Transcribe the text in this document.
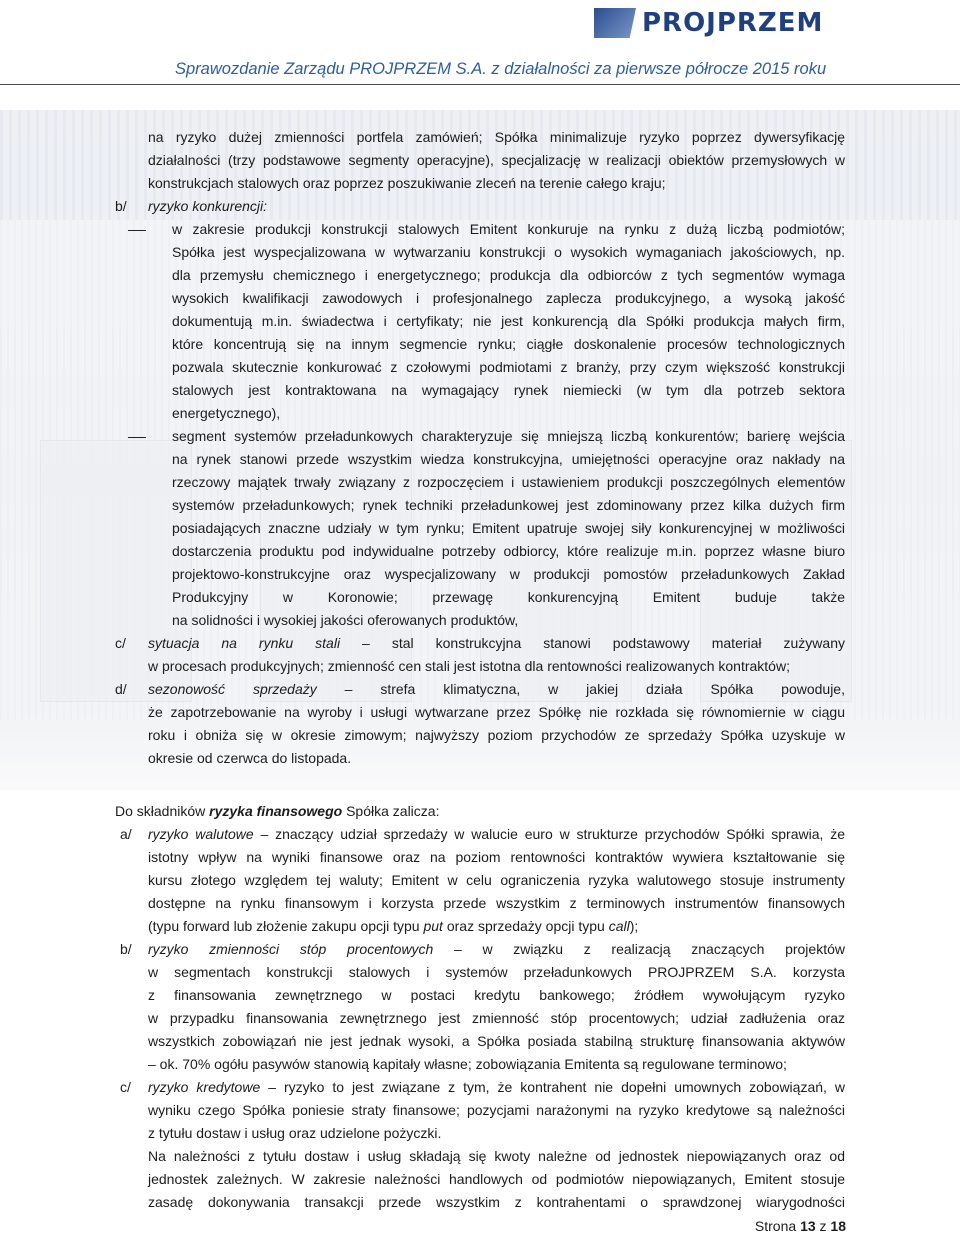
PROJPRZEM
Sprawozdanie Zarządu PROJPRZEM S.A. z działalności za pierwsze półrocze 2015 roku
na ryzyko dużej zmienności portfela zamówień; Spółka minimalizuje ryzyko poprzez dywersyfikację
działalności (trzy podstawowe segmenty operacyjne), specjalizację w realizacji obiektów przemysłowych w
konstrukcjach stalowych oraz poprzez poszukiwanie zleceń na terenie całego kraju;
b/ ryzyko konkurencji:
w zakresie produkcji konstrukcji stalowych Emitent konkuruje na rynku z dużą liczbą podmiotów;
Spółka jest wyspecjalizowana w wytwarzaniu konstrukcji o wysokich wymaganiach jakościowych, np.
dla przemysłu chemicznego i energetycznego; produkcja dla odbiorców z tych segmentów wymaga
wysokich kwalifikacji zawodowych i profesjonalnego zaplecza produkcyjnego, a wysoką jakość
dokumentują m.in. świadectwa i certyfikaty; nie jest konkurencją dla Spółki produkcja małych firm,
które koncentrują się na innym segmencie rynku; ciągłe doskonalenie procesów technologicznych
pozwala skutecznie konkurować z czołowymi podmiotami z branży, przy czym większość konstrukcji
stalowych jest kontraktowana na wymagający rynek niemiecki (w tym dla potrzeb sektora
energetycznego),
segment systemów przeładunkowych charakteryzuje się mniejszą liczbą konkurentów; barierę wejścia
na rynek stanowi przede wszystkim wiedza konstrukcyjna, umiejętności operacyjne oraz nakłady na
rzeczowy majątek trwały związany z rozpoczęciem i ustawieniem produkcji poszczególnych elementów
systemów przeładunkowych; rynek techniki przeładunkowej jest zdominowany przez kilka dużych firm
posiadających znaczne udziały w tym rynku; Emitent upatruje swojej siły konkurencyjnej w możliwości
dostarczenia produktu pod indywidualne potrzeby odbiorcy, które realizuje m.in. poprzez własne biuro
projektowo-konstrukcyjne oraz wyspecjalizowany w produkcji pomostów przeładunkowych Zakład
Produkcyjny w Koronowie; przewagę konkurencyjną Emitent buduje także
na solidności i wysokiej jakości oferowanych produktów,
c/ sytuacja na rynku stali – stal konstrukcyjna stanowi podstawowy materiał zużywany
w procesach produkcyjnych; zmienność cen stali jest istotna dla rentowności realizowanych kontraktów;
d/ sezonowość sprzedaży – strefa klimatyczna, w jakiej działa Spółka powoduje,
że zapotrzebowanie na wyroby i usługi wytwarzane przez Spółkę nie rozkłada się równomiernie w ciągu
roku i obniża się w okresie zimowym; najwyższy poziom przychodów ze sprzedaży Spółka uzyskuje w
okresie od czerwca do listopada.
Do składników ryzyka finansowego Spółka zalicza:
a/ ryzyko walutowe – znaczący udział sprzedaży w walucie euro w strukturze przychodów Spółki sprawia, że
istotny wpływ na wyniki finansowe oraz na poziom rentowności kontraktów wywiera kształtowanie się
kursu złotego względem tej waluty; Emitent w celu ograniczenia ryzyka walutowego stosuje instrumenty
dostępne na rynku finansowym i korzysta przede wszystkim z terminowych instrumentów finansowych
(typu forward lub złożenie zakupu opcji typu put oraz sprzedaży opcji typu call);
b/ ryzyko zmienności stóp procentowych – w związku z realizacją znaczących projektów
w segmentach konstrukcji stalowych i systemów przeładunkowych PROJPRZEM S.A. korzysta
z finansowania zewnętrznego w postaci kredytu bankowego; źródłem wywołującym ryzyko
w przypadku finansowania zewnętrznego jest zmienność stóp procentowych; udział zadłużenia oraz
wszystkich zobowiązań nie jest jednak wysoki, a Spółka posiada stabilną strukturę finansowania aktywów
– ok. 70% ogółu pasywów stanowią kapitały własne; zobowiązania Emitenta są regulowane terminowo;
c/ ryzyko kredytowe – ryzyko to jest związane z tym, że kontrahent nie dopełni umownych zobowiązań, w
wyniku czego Spółka poniesie straty finansowe; pozycjami narażonymi na ryzyko kredytowe są należności
z tytułu dostaw i usług oraz udzielone pożyczki.
Na należności z tytułu dostaw i usług składają się kwoty należne od jednostek niepowiązanych oraz od
jednostek zależnych. W zakresie należności handlowych od podmiotów niepowiązanych, Emitent stosuje
zasadę dokonywania transakcji przede wszystkim z kontrahentami o sprawdzonej wiarygodności
Strona 13 z 18
